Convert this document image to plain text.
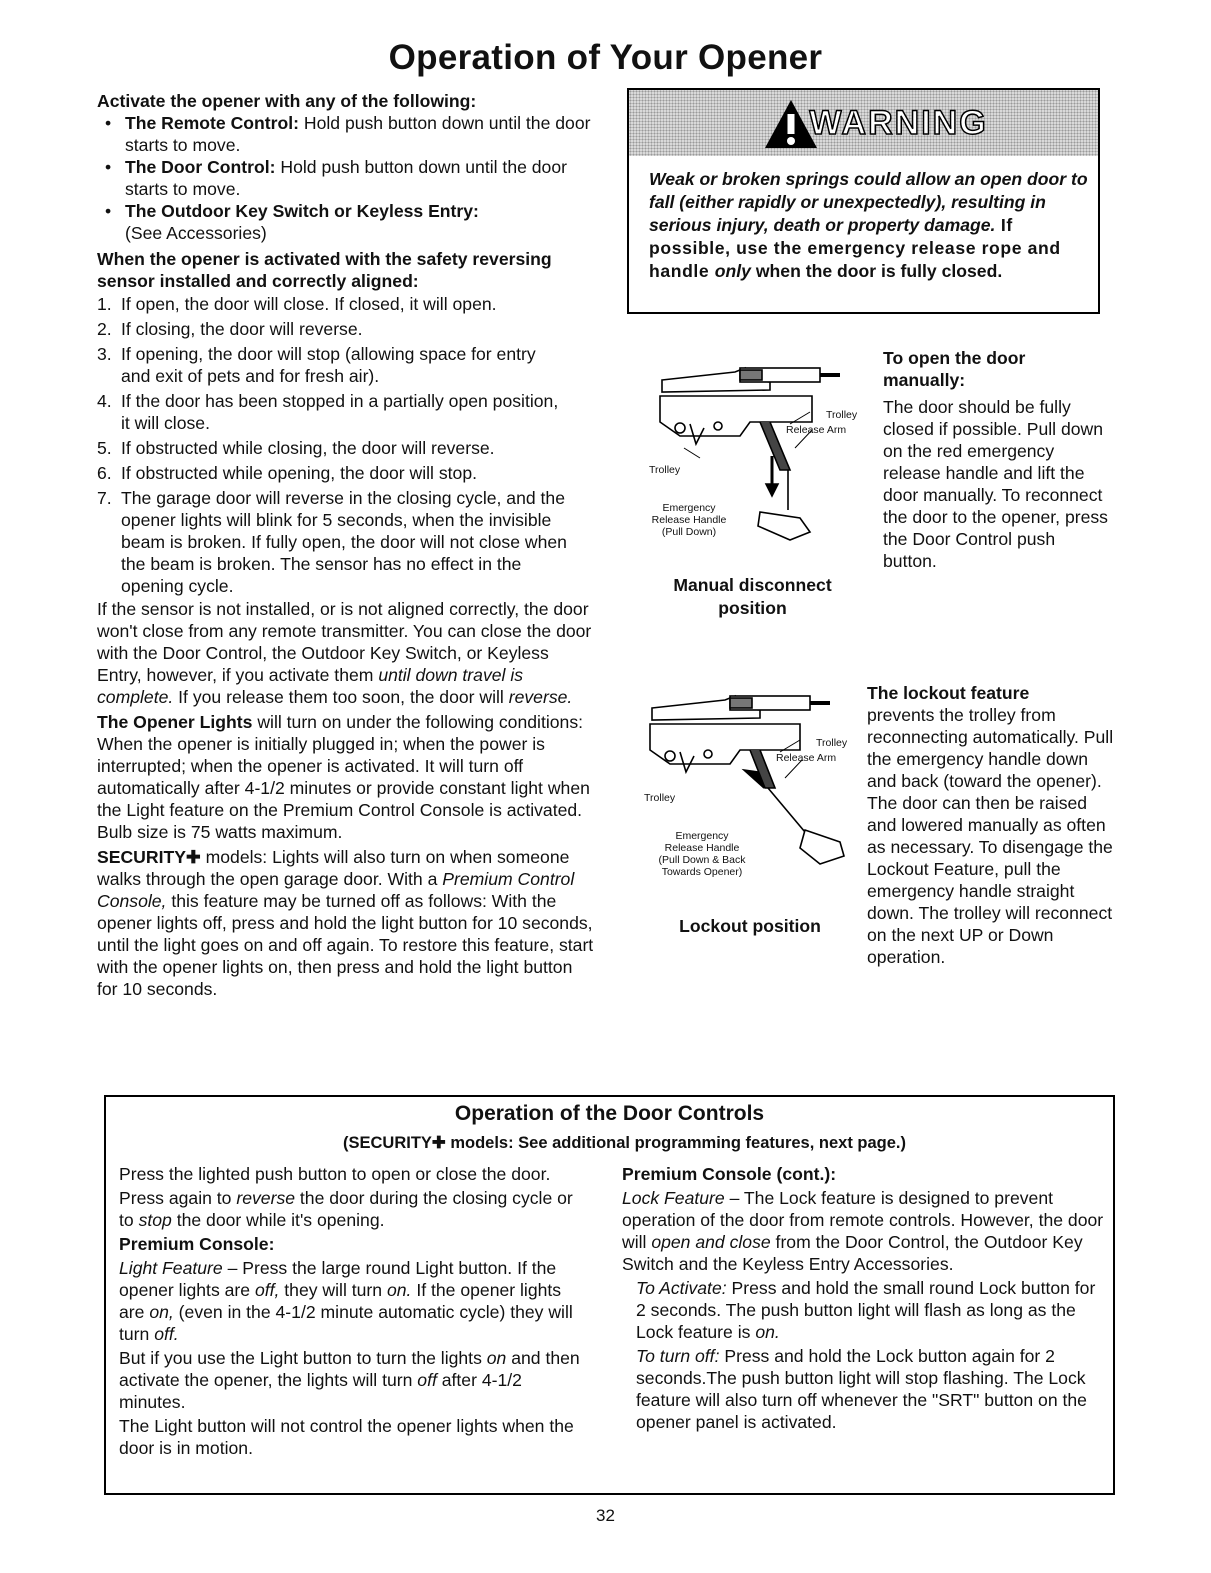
Operation of Your Opener

Activate the opener with any of the following:

• The Remote Control: Hold push button down until the door starts to move.

• The Door Control: Hold push button down until the door starts to move.

• The Outdoor Key Switch or Keyless Entry:
(See Accessories)

When the opener is activated with the safety reversing sensor installed and correctly aligned:

1. If open, the door will close. If closed, it will open.

2. If closing, the door will reverse.

3. If opening, the door will stop (allowing space for entry and exit of pets and for fresh air).

4. If the door has been stopped in a partially open position, it will close.

5. If obstructed while closing, the door will reverse.

6. If obstructed while opening, the door will stop.

7. The garage door will reverse in the closing cycle, and the opener lights will blink for 5 seconds, when the invisible beam is broken. If fully open, the door will not close when the beam is broken. The sensor has no effect in the opening cycle.

If the sensor is not installed, or is not aligned correctly, the door won't close from any remote transmitter. You can close the door with the Door Control, the Outdoor Key Switch, or Keyless Entry, however, if you activate them until down travel is complete. If you release them too soon, the door will reverse.

The Opener Lights will turn on under the following conditions: When the opener is initially plugged in; when the power is interrupted; when the opener is activated. It will turn off automatically after 4-1/2 minutes or provide constant light when the Light feature on the Premium Control Console is activated. Bulb size is 75 watts maximum.

SECURITY✚ models: Lights will also turn on when someone walks through the open garage door. With a Premium Control Console, this feature may be turned off as follows: With the opener lights off, press and hold the light button for 10 seconds, until the light goes on and off again. To restore this feature, start with the opener lights on, then press and hold the light button for 10 seconds.

WARNING
Weak or broken springs could allow an open door to fall (either rapidly or unexpectedly), resulting in serious injury, death or property damage. If possible, use the emergency release rope and handle only when the door is fully closed.
Trolley
Release Arm
Trolley
Emergency
Release Handle
(Pull Down)
Manual disconnect
position

To open the door manually:

The door should be fully closed if possible. Pull down on the red emergency release handle and lift the door manually. To reconnect the door to the opener, press the Door Control push button.

Trolley
Release Arm
Trolley
Emergency
Release Handle
(Pull Down & Back
Towards Opener)
Lockout position

The lockout feature

prevents the trolley from reconnecting automatically. Pull the emergency handle down and back (toward the opener). The door can then be raised and lowered manually as often as necessary. To disengage the Lockout Feature, pull the emergency handle straight down. The trolley will reconnect on the next UP or Down operation.

Operation of the Door Controls
(SECURITY✚ models: See additional programming features, next page.)

Press the lighted push button to open or close the door.

Press again to reverse the door during the closing cycle or to stop the door while it's opening.

Premium Console:

Light Feature – Press the large round Light button. If the opener lights are off, they will turn on. If the opener lights are on, (even in the 4-1/2 minute automatic cycle) they will turn off.

But if you use the Light button to turn the lights on and then activate the opener, the lights will turn off after 4-1/2 minutes.

The Light button will not control the opener lights when the door is in motion.

Premium Console (cont.):

Lock Feature – The Lock feature is designed to prevent operation of the door from remote controls. However, the door will open and close from the Door Control, the Outdoor Key Switch and the Keyless Entry Accessories.

To Activate: Press and hold the small round Lock button for 2 seconds. The push button light will flash as long as the Lock feature is on.

To turn off: Press and hold the Lock button again for 2 seconds.The push button light will stop flashing. The Lock feature will also turn off whenever the "SRT" button on the opener panel is activated.

32
